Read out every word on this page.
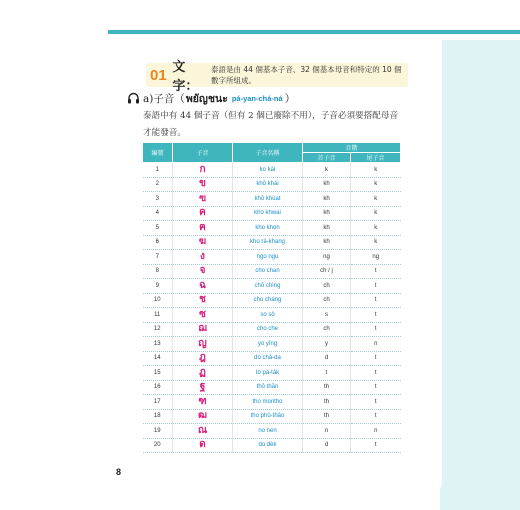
01 文字：
泰語是由 44 個基本子音、32 個基本母音和特定的 10 個數字所組成。
a)子音（ พยัญชนะ pá-yan-chá-ná ）
泰語中有 44 個子音（但有 2 個已廢除不用），子音必須要搭配母音才能發音。
編號	子音	子音名稱	音階	
			首子音	尾子音
1	ก	ko kài	k	k
2	ข	khŏ khài	kh	k
3	ฃ	khŏ khùat	kh	k
4	ค	kho khwai	kh	k
5	ฅ	kho khon	kh	k
6	ฆ	kho rá-khang	kh	k
7	ง	ngo ngu	ng	ng
8	จ	cho chan	ch / j	t
9	ฉ	chŏ chìng	ch	t
10	ช	cho cháng	ch	t
11	ซ	so sô	s	t
12	ฌ	cho che	ch	t
13	ญ	yo yĭng	y	n
14	ฎ	do chá-da	d	t
15	ฏ	to pà-tàk	t	t
16	ฐ	thŏ thăn	th	t
17	ฑ	tho montho	th	t
18	ฒ	tho phû-thâo	th	t
19	ณ	no nen	n	n
20	ด	do dèk	d	t
8
